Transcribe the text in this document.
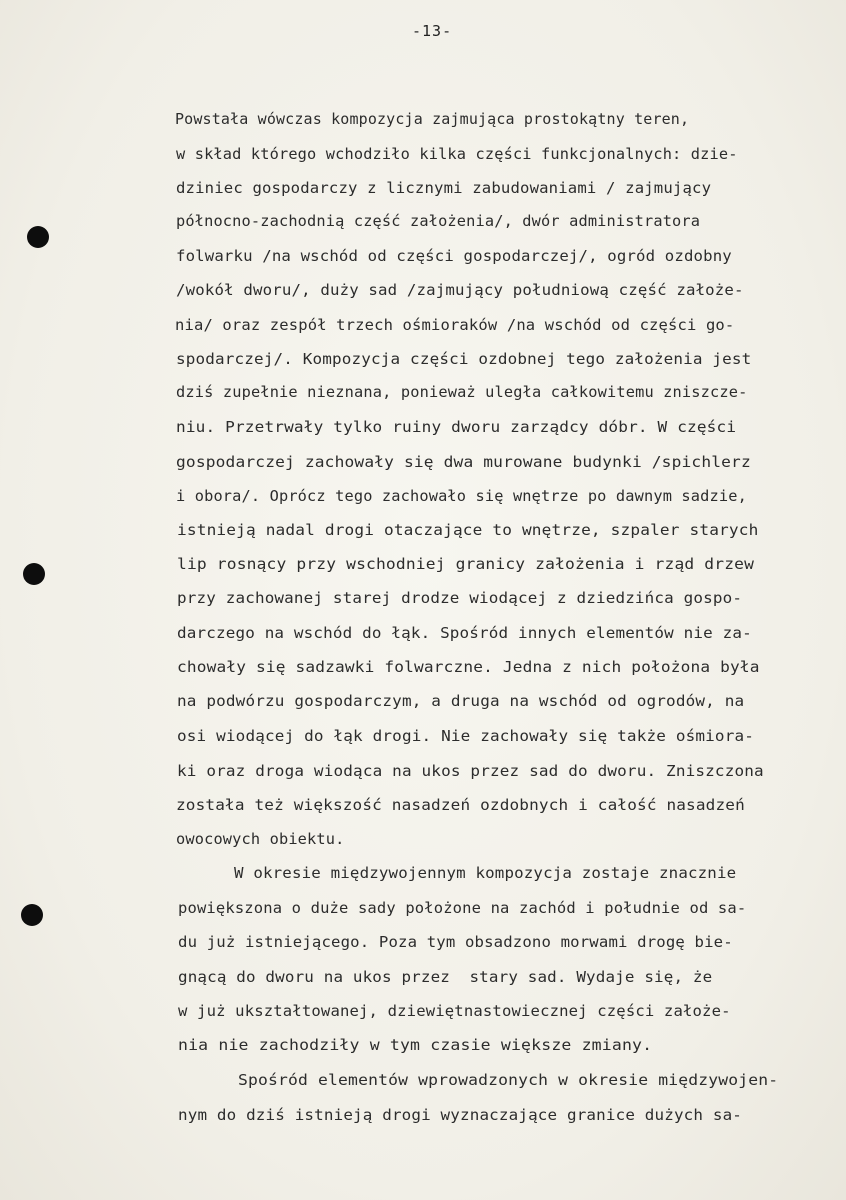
-13-
Powstała wówczas kompozycja zajmująca prostokątny teren,
w skład którego wchodziło kilka części funkcjonalnych: dzie-
dziniec gospodarczy z licznymi zabudowaniami / zajmujący
północno-zachodnią część założenia/, dwór administratora
folwarku /na wschód od części gospodarczej/, ogród ozdobny
/wokół dworu/, duży sad /zajmujący południową część założe-
nia/ oraz zespół trzech ośmioraków /na wschód od części go-
spodarczej/. Kompozycja części ozdobnej tego założenia jest
dziś zupełnie nieznana, ponieważ uległa całkowitemu zniszcze-
niu. Przetrwały tylko ruiny dworu zarządcy dóbr. W części
gospodarczej zachowały się dwa murowane budynki /spichlerz
i obora/. Oprócz tego zachowało się wnętrze po dawnym sadzie,
istnieją nadal drogi otaczające to wnętrze, szpaler starych
lip rosnący przy wschodniej granicy założenia i rząd drzew
przy zachowanej starej drodze wiodącej z dziedzińca gospo-
darczego na wschód do łąk. Spośród innych elementów nie za-
chowały się sadzawki folwarczne. Jedna z nich położona była
na podwórzu gospodarczym, a druga na wschód od ogrodów, na
osi wiodącej do łąk drogi. Nie zachowały się także ośmiora-
ki oraz droga wiodąca na ukos przez sad do dworu. Zniszczona
została też większość nasadzeń ozdobnych i całość nasadzeń
owocowych obiektu.
W okresie międzywojennym kompozycja zostaje znacznie
powiększona o duże sady położone na zachód i południe od sa-
du już istniejącego. Poza tym obsadzono morwami drogę bie-
gnącą do dworu na ukos przez  stary sad. Wydaje się, że
w już ukształtowanej, dziewiętnastowiecznej części założe-
nia nie zachodziły w tym czasie większe zmiany.
Spośród elementów wprowadzonych w okresie międzywojen-
nym do dziś istnieją drogi wyznaczające granice dużych sa-
